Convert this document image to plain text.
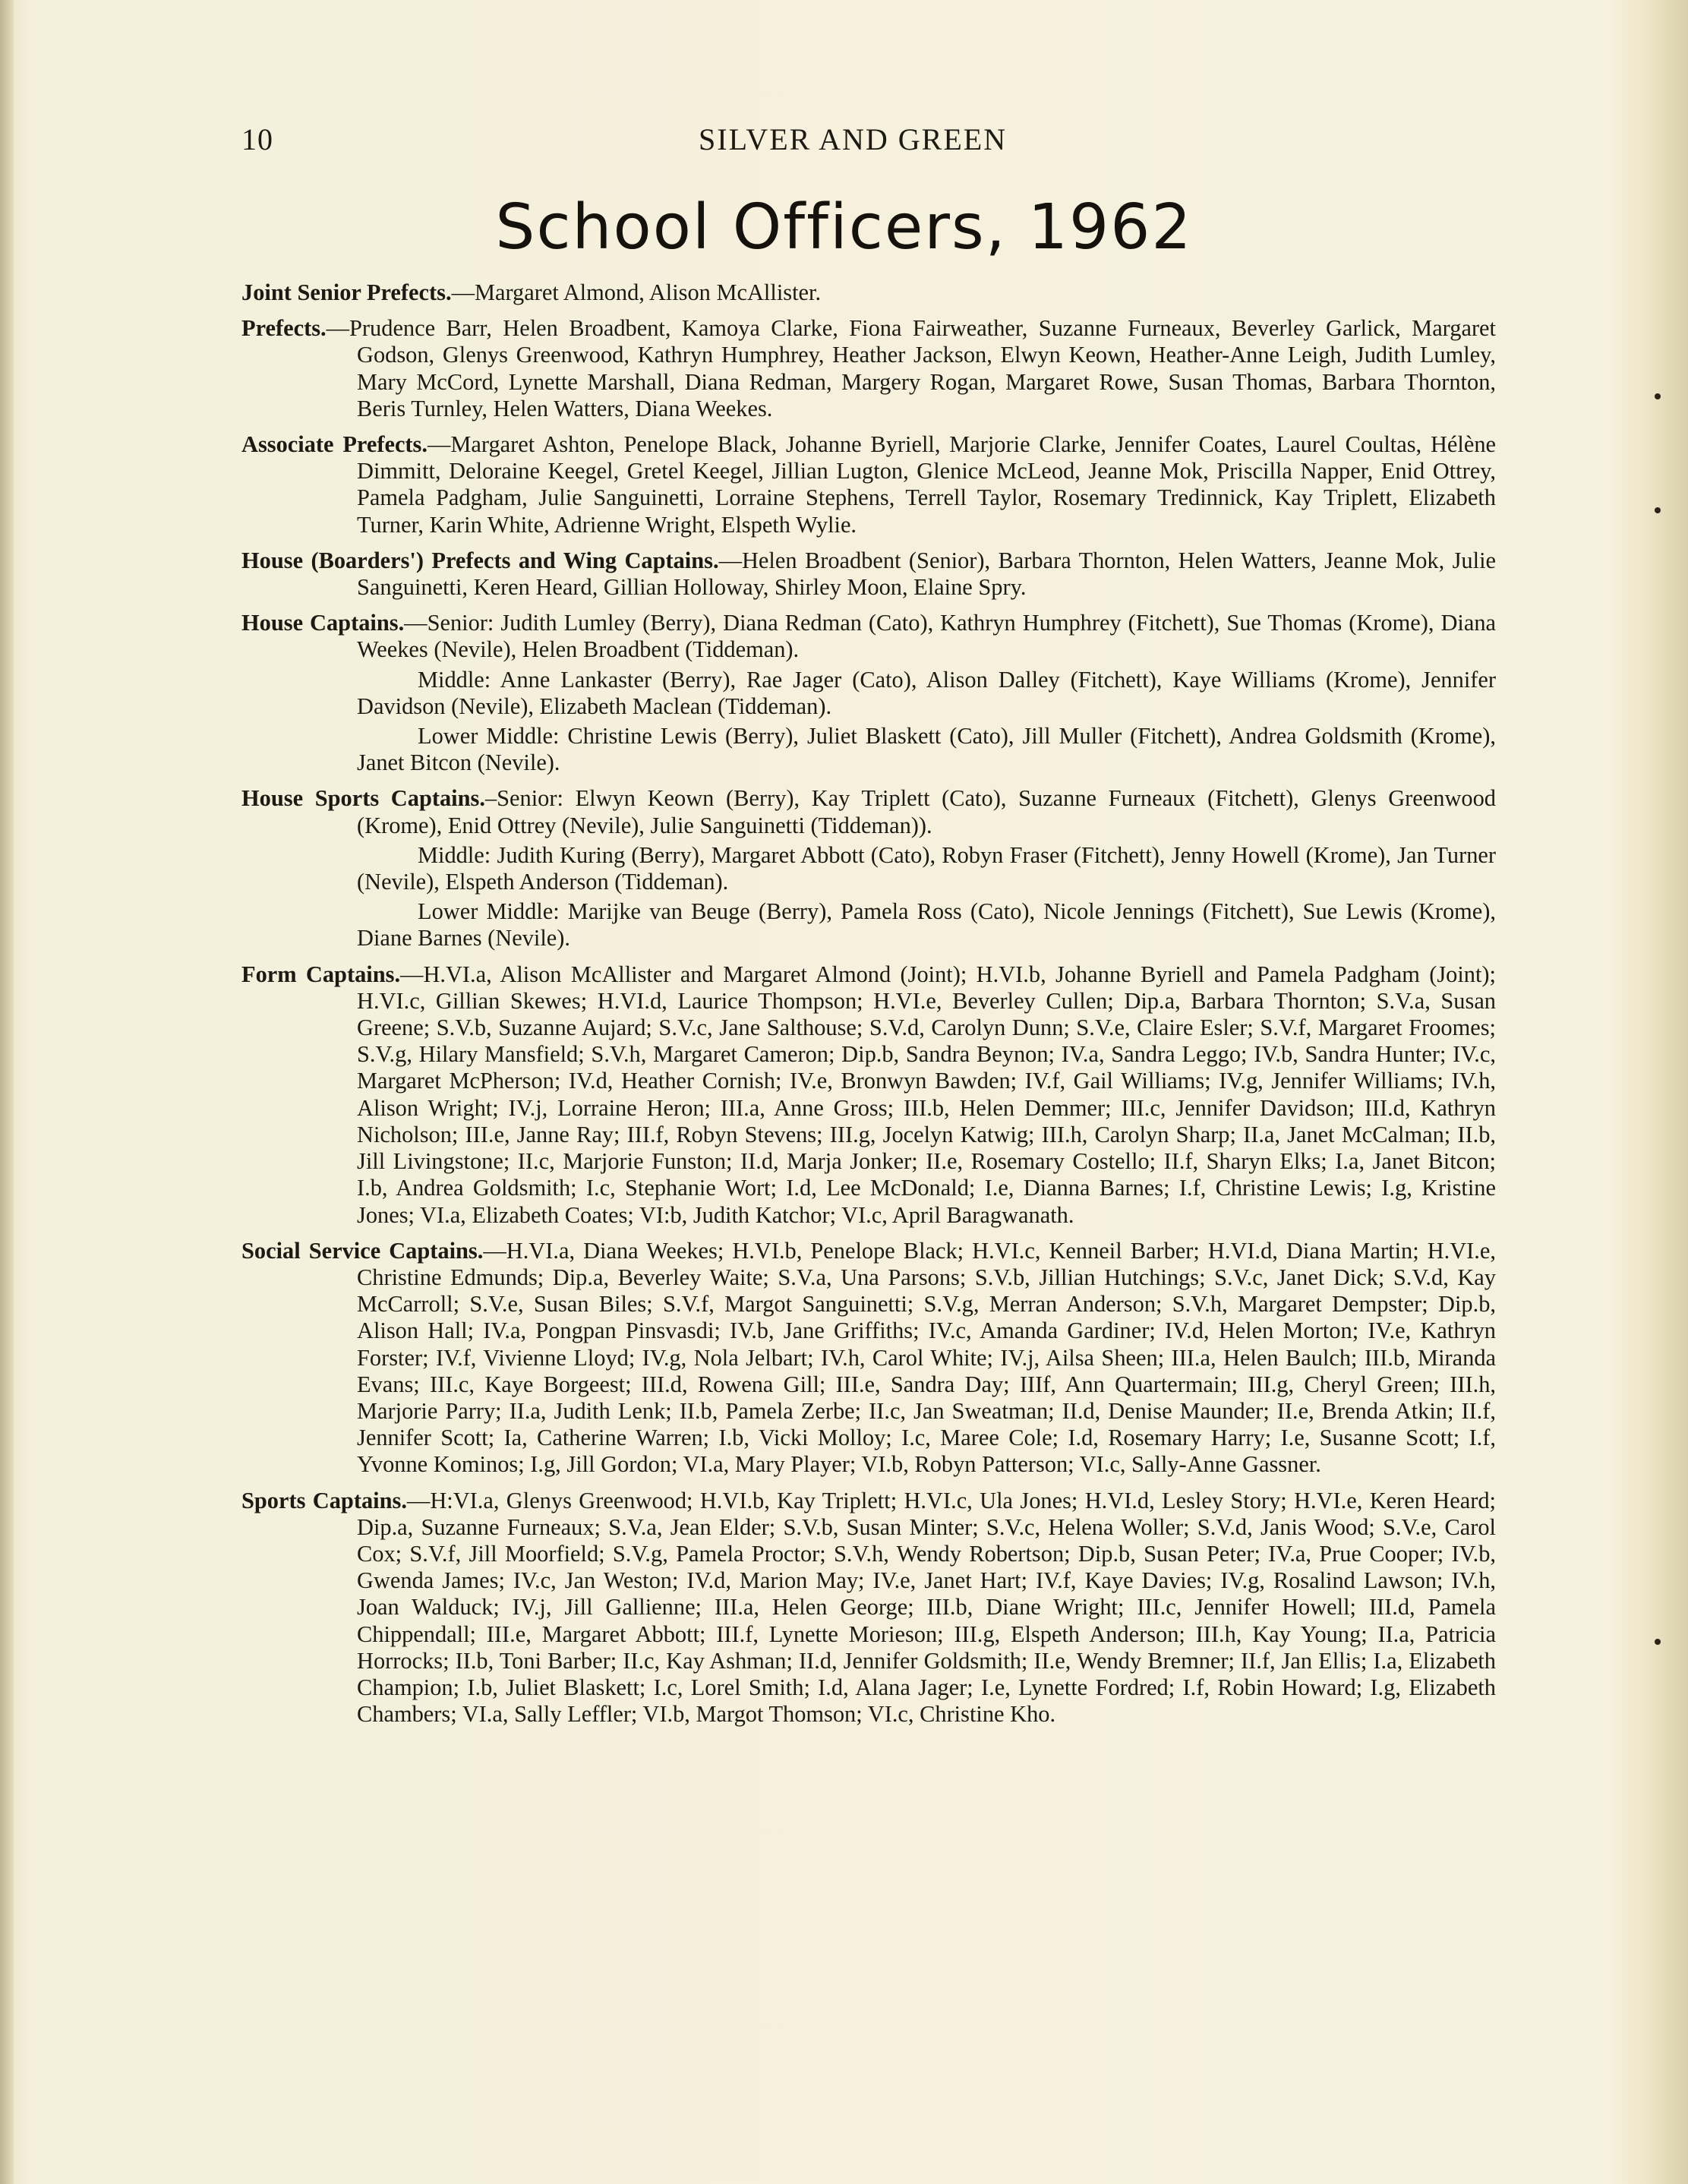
10	SILVER AND GREEN
School Officers, 1962

Joint Senior Prefects.—Margaret Almond, Alison McAllister.

Prefects.—Prudence Barr, Helen Broadbent, Kamoya Clarke, Fiona Fairweather, Suzanne Furneaux, Beverley Garlick, Margaret Godson, Glenys Greenwood, Kathryn Humphrey, Heather Jackson, Elwyn Keown, Heather-Anne Leigh, Judith Lumley, Mary McCord, Lynette Marshall, Diana Redman, Margery Rogan, Margaret Rowe, Susan Thomas, Barbara Thornton, Beris Turnley, Helen Watters, Diana Weekes.

Associate Prefects.—Margaret Ashton, Penelope Black, Johanne Byriell, Marjorie Clarke, Jennifer Coates, Laurel Coultas, Hélène Dimmitt, Deloraine Keegel, Gretel Keegel, Jillian Lugton, Glenice McLeod, Jeanne Mok, Priscilla Napper, Enid Ottrey, Pamela Padgham, Julie Sanguinetti, Lorraine Stephens, Terrell Taylor, Rosemary Tredinnick, Kay Triplett, Elizabeth Turner, Karin White, Adrienne Wright, Elspeth Wylie.

House (Boarders') Prefects and Wing Captains.—Helen Broadbent (Senior), Barbara Thornton, Helen Watters, Jeanne Mok, Julie Sanguinetti, Keren Heard, Gillian Holloway, Shirley Moon, Elaine Spry.

House Captains.—Senior: Judith Lumley (Berry), Diana Redman (Cato), Kathryn Humphrey (Fitchett), Sue Thomas (Krome), Diana Weekes (Nevile), Helen Broadbent (Tiddeman).

Middle: Anne Lankaster (Berry), Rae Jager (Cato), Alison Dalley (Fitchett), Kaye Williams (Krome), Jennifer Davidson (Nevile), Elizabeth Maclean (Tiddeman).

Lower Middle: Christine Lewis (Berry), Juliet Blaskett (Cato), Jill Muller (Fitchett), Andrea Goldsmith (Krome), Janet Bitcon (Nevile).

House Sports Captains.–Senior: Elwyn Keown (Berry), Kay Triplett (Cato), Suzanne Furneaux (Fitchett), Glenys Greenwood (Krome), Enid Ottrey (Nevile), Julie Sanguinetti (Tiddeman)).

Middle: Judith Kuring (Berry), Margaret Abbott (Cato), Robyn Fraser (Fitchett), Jenny Howell (Krome), Jan Turner (Nevile), Elspeth Anderson (Tiddeman).

Lower Middle: Marijke van Beuge (Berry), Pamela Ross (Cato), Nicole Jennings (Fitchett), Sue Lewis (Krome), Diane Barnes (Nevile).

Form Captains.—H.VI.a, Alison McAllister and Margaret Almond (Joint); H.VI.b, Johanne Byriell and Pamela Padgham (Joint); H.VI.c, Gillian Skewes; H.VI.d, Laurice Thompson; H.VI.e, Beverley Cullen; Dip.a, Barbara Thornton; S.V.a, Susan Greene; S.V.b, Suzanne Aujard; S.V.c, Jane Salthouse; S.V.d, Carolyn Dunn; S.V.e, Claire Esler; S.V.f, Margaret Froomes; S.V.g, Hilary Mansfield; S.V.h, Margaret Cameron; Dip.b, Sandra Beynon; IV.a, Sandra Leggo; IV.b, Sandra Hunter; IV.c, Margaret McPherson; IV.d, Heather Cornish; IV.e, Bronwyn Bawden; IV.f, Gail Williams; IV.g, Jennifer Williams; IV.h, Alison Wright; IV.j, Lorraine Heron; III.a, Anne Gross; III.b, Helen Demmer; III.c, Jennifer Davidson; III.d, Kathryn Nicholson; III.e, Janne Ray; III.f, Robyn Stevens; III.g, Jocelyn Katwig; III.h, Carolyn Sharp; II.a, Janet McCalman; II.b, Jill Livingstone; II.c, Marjorie Funston; II.d, Marja Jonker; II.e, Rosemary Costello; II.f, Sharyn Elks; I.a, Janet Bitcon; I.b, Andrea Goldsmith; I.c, Stephanie Wort; I.d, Lee McDonald; I.e, Dianna Barnes; I.f, Christine Lewis; I.g, Kristine Jones; VI.a, Elizabeth Coates; VI:b, Judith Katchor; VI.c, April Baragwanath.

Social Service Captains.—H.VI.a, Diana Weekes; H.VI.b, Penelope Black; H.VI.c, Kenneil Barber; H.VI.d, Diana Martin; H.VI.e, Christine Edmunds; Dip.a, Beverley Waite; S.V.a, Una Parsons; S.V.b, Jillian Hutchings; S.V.c, Janet Dick; S.V.d, Kay McCarroll; S.V.e, Susan Biles; S.V.f, Margot Sanguinetti; S.V.g, Merran Anderson; S.V.h, Margaret Dempster; Dip.b, Alison Hall; IV.a, Pongpan Pinsvasdi; IV.b, Jane Griffiths; IV.c, Amanda Gardiner; IV.d, Helen Morton; IV.e, Kathryn Forster; IV.f, Vivienne Lloyd; IV.g, Nola Jelbart; IV.h, Carol White; IV.j, Ailsa Sheen; III.a, Helen Baulch; III.b, Miranda Evans; III.c, Kaye Borgeest; III.d, Rowena Gill; III.e, Sandra Day; IIIf, Ann Quartermain; III.g, Cheryl Green; III.h, Marjorie Parry; II.a, Judith Lenk; II.b, Pamela Zerbe; II.c, Jan Sweatman; II.d, Denise Maunder; II.e, Brenda Atkin; II.f, Jennifer Scott; Ia, Catherine Warren; I.b, Vicki Molloy; I.c, Maree Cole; I.d, Rosemary Harry; I.e, Susanne Scott; I.f, Yvonne Kominos; I.g, Jill Gordon; VI.a, Mary Player; VI.b, Robyn Patterson; VI.c, Sally-Anne Gassner.

Sports Captains.—H:VI.a, Glenys Greenwood; H.VI.b, Kay Triplett; H.VI.c, Ula Jones; H.VI.d, Lesley Story; H.VI.e, Keren Heard; Dip.a, Suzanne Furneaux; S.V.a, Jean Elder; S.V.b, Susan Minter; S.V.c, Helena Woller; S.V.d, Janis Wood; S.V.e, Carol Cox; S.V.f, Jill Moorfield; S.V.g, Pamela Proctor; S.V.h, Wendy Robertson; Dip.b, Susan Peter; IV.a, Prue Cooper; IV.b, Gwenda James; IV.c, Jan Weston; IV.d, Marion May; IV.e, Janet Hart; IV.f, Kaye Davies; IV.g, Rosalind Lawson; IV.h, Joan Walduck; IV.j, Jill Gallienne; III.a, Helen George; III.b, Diane Wright; III.c, Jennifer Howell; III.d, Pamela Chippendall; III.e, Margaret Abbott; III.f, Lynette Morieson; III.g, Elspeth Anderson; III.h, Kay Young; II.a, Patricia Horrocks; II.b, Toni Barber; II.c, Kay Ashman; II.d, Jennifer Goldsmith; II.e, Wendy Bremner; II.f, Jan Ellis; I.a, Elizabeth Champion; I.b, Juliet Blaskett; I.c, Lorel Smith; I.d, Alana Jager; I.e, Lynette Fordred; I.f, Robin Howard; I.g, Elizabeth Chambers; VI.a, Sally Leffler; VI.b, Margot Thomson; VI.c, Christine Kho.
